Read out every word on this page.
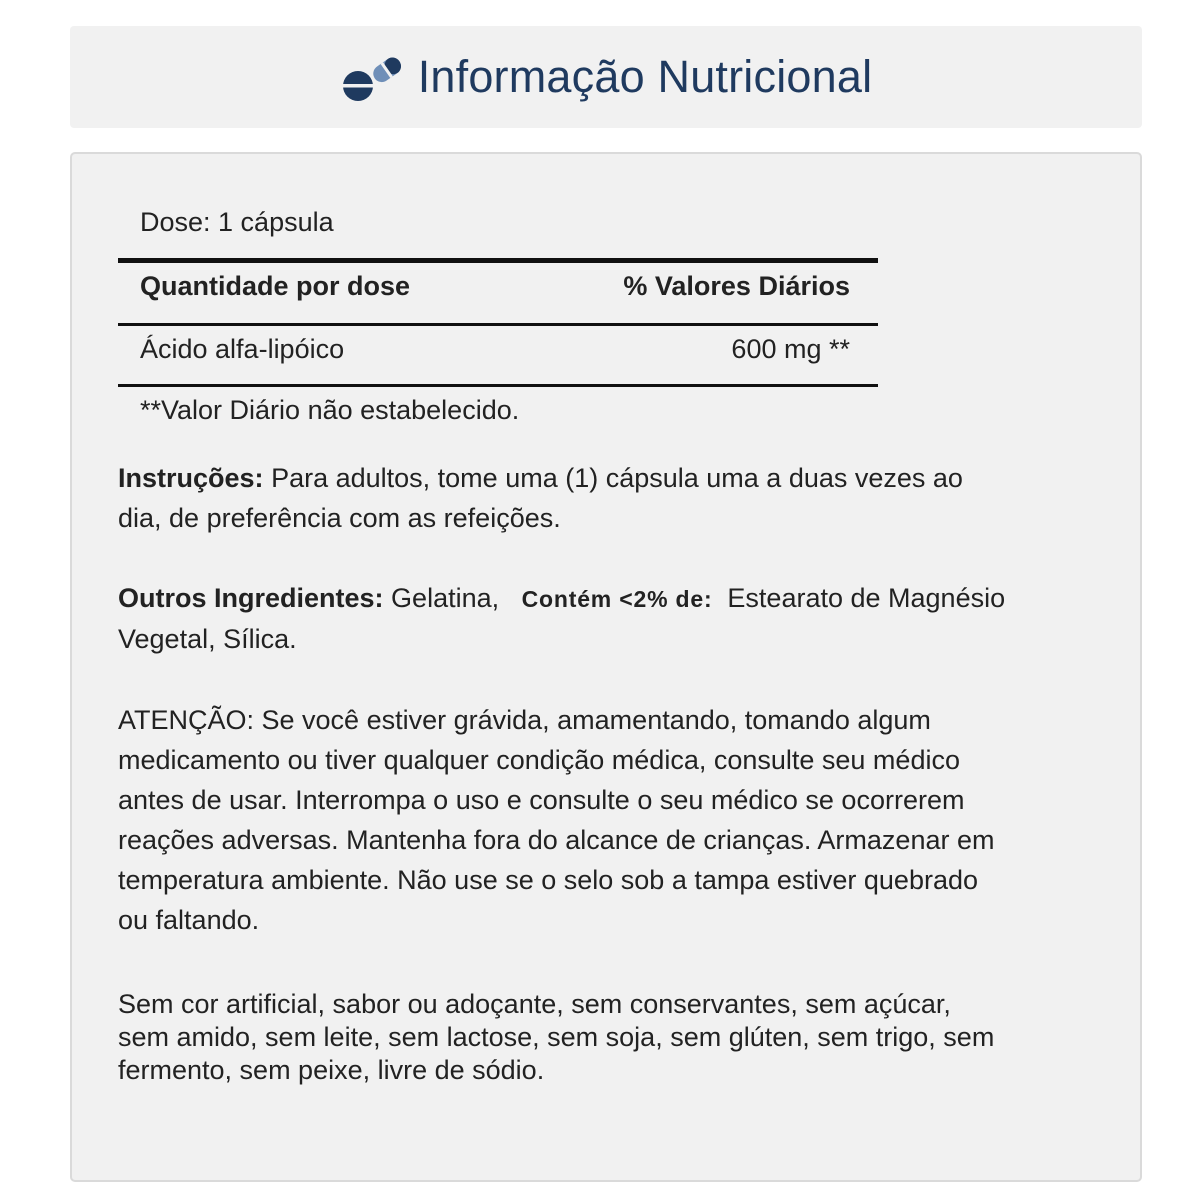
Informação Nutricional
Dose: 1 cápsula
Quantidade por dose	% Valores Diários
Ácido alfa-lipóico	600 mg **
**Valor Diário não estabelecido.
Instruções: Para adultos, tome uma (1) cápsula uma a duas vezes ao
dia, de preferência com as refeições.
Outros Ingredientes: Gelatina, Contém <2% de: Estearato de Magnésio
Vegetal, Sílica.
ATENÇÃO: Se você estiver grávida, amamentando, tomando algum
medicamento ou tiver qualquer condição médica, consulte seu médico
antes de usar. Interrompa o uso e consulte o seu médico se ocorrerem
reações adversas. Mantenha fora do alcance de crianças. Armazenar em
temperatura ambiente. Não use se o selo sob a tampa estiver quebrado
ou faltando.
Sem cor artificial, sabor ou adoçante, sem conservantes, sem açúcar,
sem amido, sem leite, sem lactose, sem soja, sem glúten, sem trigo, sem
fermento, sem peixe, livre de sódio.
